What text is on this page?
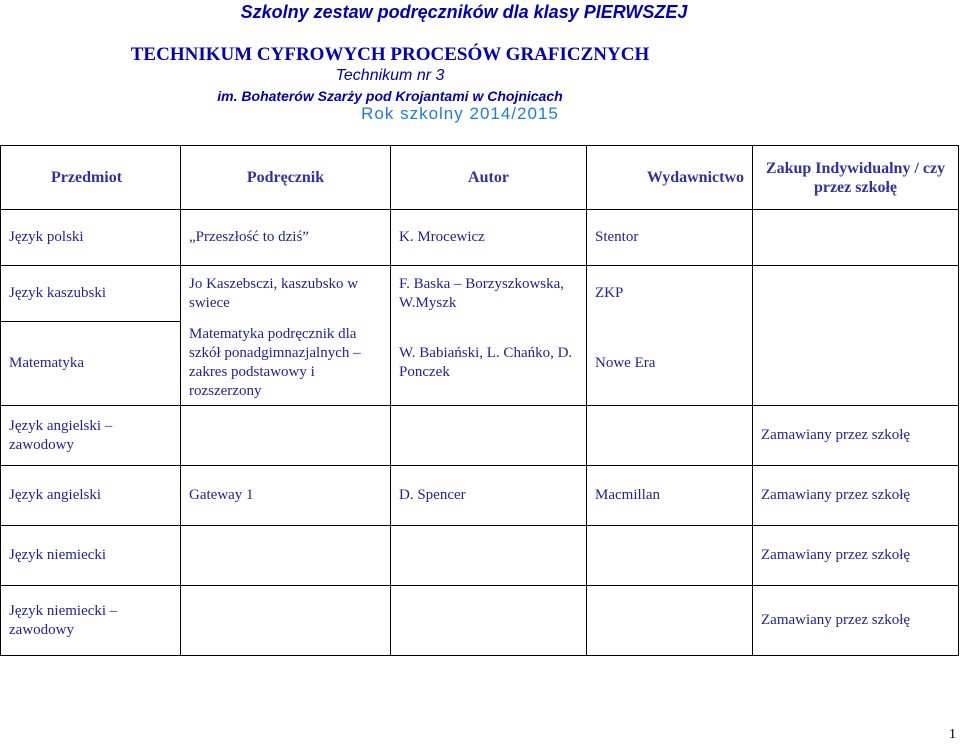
Szkolny zestaw podręczników dla klasy PIERWSZEJ
TECHNIKUM CYFROWYCH PROCESÓW GRAFICZNYCH
Technikum nr 3
im. Bohaterów Szarży pod Krojantami w Chojnicach
Rok szkolny 2014/2015
Przedmiot	Podręcznik	Autor	Wydawnictwo	Zakup Indywidualny / czy przez szkołę
Język polski	„Przeszłość to dziś”	K. Mrocewicz	Stentor	
Język kaszubski	Jo Kaszebsczi, kaszubsko w swiece	F. Baska – Borzyszkowska, W.Myszk	ZKP	
Matematyka	Matematyka podręcznik dla szkół ponadgimnazjalnych – zakres podstawowy i rozszerzony	W. Babiański, L. Chańko, D. Ponczek	Nowe Era	
Język angielski – zawodowy				Zamawiany przez szkołę
Język angielski	Gateway 1	D. Spencer	Macmillan	Zamawiany przez szkołę
Język niemiecki				Zamawiany przez szkołę
Język niemiecki – zawodowy				Zamawiany przez szkołę
1
